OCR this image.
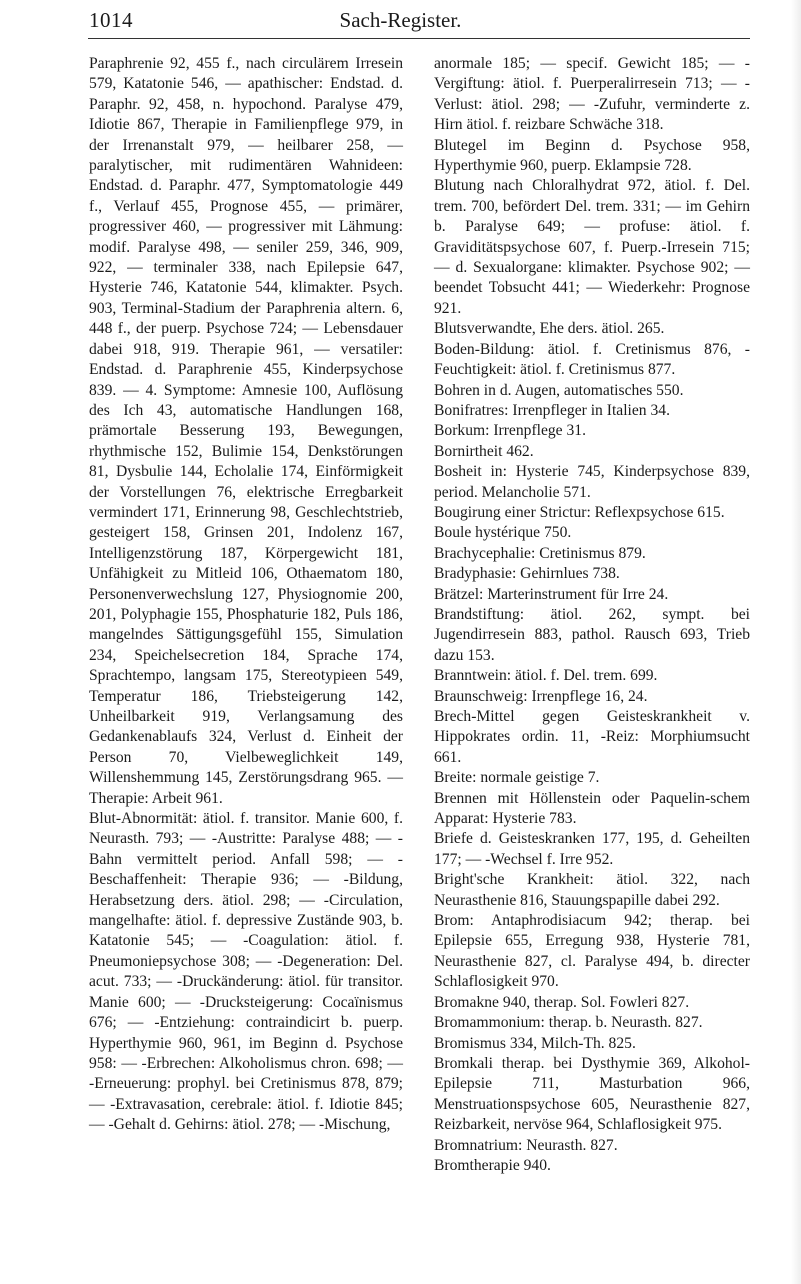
1014	Sach-Register.

Paraphrenie 92, 455 f., nach circulärem Irresein 579, Katatonie 546, — apathischer: Endstad. d. Paraphr. 92, 458, n. hypochond. Paralyse 479, Idiotie 867, Therapie in Familienpflege 979, in der Irrenanstalt 979, — heilbarer 258, — paralytischer, mit rudimentären Wahnideen: Endstad. d. Paraphr. 477, Symptomatologie 449 f., Verlauf 455, Prognose 455, — primärer, progressiver 460, — progressiver mit Lähmung: modif. Paralyse 498, — seniler 259, 346, 909, 922, — terminaler 338, nach Epilepsie 647, Hysterie 746, Katatonie 544, klimakter. Psych. 903, Terminal-Stadium der Paraphrenia altern. 6, 448 f., der puerp. Psychose 724; — Lebensdauer dabei 918, 919. Therapie 961, — versatiler: Endstad. d. Paraphrenie 455, Kinderpsychose 839. — 4. Symptome: Amnesie 100, Auflösung des Ich 43, automatische Handlungen 168, prämortale Besserung 193, Bewegungen, rhythmische 152, Bulimie 154, Denkstörungen 81, Dysbulie 144, Echolalie 174, Einförmigkeit der Vorstellungen 76, elektrische Erregbarkeit vermindert 171, Erinnerung 98, Geschlechtstrieb, gesteigert 158, Grinsen 201, Indolenz 167, Intelligenzstörung 187, Körpergewicht 181, Unfähigkeit zu Mitleid 106, Othaematom 180, Personenverwechslung 127, Physiognomie 200, 201, Polyphagie 155, Phosphaturie 182, Puls 186, mangelndes Sättigungsgefühl 155, Simulation 234, Speichelsecretion 184, Sprache 174, Sprachtempo, langsam 175, Stereotypieen 549, Temperatur 186, Triebsteigerung 142, Unheilbarkeit 919, Verlangsamung des Gedankenablaufs 324, Verlust d. Einheit der Person 70, Vielbeweglichkeit 149, Willenshemmung 145, Zerstörungsdrang 965. — Therapie: Arbeit 961.

Blut-Abnormität: ätiol. f. transitor. Manie 600, f. Neurasth. 793; — -Austritte: Paralyse 488; — -Bahn vermittelt period. Anfall 598; — -Beschaffenheit: Therapie 936; — -Bildung, Herabsetzung ders. ätiol. 298; — -Circulation, mangelhafte: ätiol. f. depressive Zustände 903, b. Katatonie 545; — -Coagulation: ätiol. f. Pneumoniepsychose 308; — -Degeneration: Del. acut. 733; — -Druckänderung: ätiol. für transitor. Manie 600; — -Drucksteigerung: Cocaïnismus 676; — -Entziehung: contraindicirt b. puerp. Hyperthymie 960, 961, im Beginn d. Psychose 958: — -Erbrechen: Alkoholismus chron. 698; — -Erneuerung: prophyl. bei Cretinismus 878, 879; — -Extravasation, cerebrale: ätiol. f. Idiotie 845; — -Gehalt d. Gehirns: ätiol. 278; — -Mischung,

anormale 185; — specif. Gewicht 185; — -Vergiftung: ätiol. f. Puerperalirresein 713; — -Verlust: ätiol. 298; — -Zufuhr, verminderte z. Hirn ätiol. f. reizbare Schwäche 318.

Blutegel im Beginn d. Psychose 958, Hyperthymie 960, puerp. Eklampsie 728.

Blutung nach Chloralhydrat 972, ätiol. f. Del. trem. 700, befördert Del. trem. 331; — im Gehirn b. Paralyse 649; — profuse: ätiol. f. Graviditätspsychose 607, f. Puerp.-Irresein 715; — d. Sexualorgane: klimakter. Psychose 902; — beendet Tobsucht 441; — Wiederkehr: Prognose 921.

Blutsverwandte, Ehe ders. ätiol. 265.

Boden-Bildung: ätiol. f. Cretinismus 876, -Feuchtigkeit: ätiol. f. Cretinismus 877.

Bohren in d. Augen, automatisches 550.

Bonifratres: Irrenpfleger in Italien 34.

Borkum: Irrenpflege 31.

Bornirtheit 462.

Bosheit in: Hysterie 745, Kinderpsychose 839, period. Melancholie 571.

Bougirung einer Strictur: Reflexpsychose 615.

Boule hystérique 750.

Brachycephalie: Cretinismus 879.

Bradyphasie: Gehirnlues 738.

Brätzel: Marterinstrument für Irre 24.

Brandstiftung: ätiol. 262, sympt. bei Jugendirresein 883, pathol. Rausch 693, Trieb dazu 153.

Branntwein: ätiol. f. Del. trem. 699.

Braunschweig: Irrenpflege 16, 24.

Brech-Mittel gegen Geisteskrankheit v. Hippokrates ordin. 11, -Reiz: Morphiumsucht 661.

Breite: normale geistige 7.

Brennen mit Höllenstein oder Paquelin-schem Apparat: Hysterie 783.

Briefe d. Geisteskranken 177, 195, d. Geheilten 177; — -Wechsel f. Irre 952.

Bright'sche Krankheit: ätiol. 322, nach Neurasthenie 816, Stauungspapille dabei 292.

Brom: Antaphrodisiacum 942; therap. bei Epilepsie 655, Erregung 938, Hysterie 781, Neurasthenie 827, cl. Paralyse 494, b. directer Schlaflosigkeit 970.

Bromakne 940, therap. Sol. Fowleri 827.

Bromammonium: therap. b. Neurasth. 827.

Bromismus 334, Milch-Th. 825.

Bromkali therap. bei Dysthymie 369, Alkohol-Epilepsie 711, Masturbation 966, Menstruationspsychose 605, Neurasthenie 827, Reizbarkeit, nervöse 964, Schlaflosigkeit 975.

Bromnatrium: Neurasth. 827.

Bromtherapie 940.
